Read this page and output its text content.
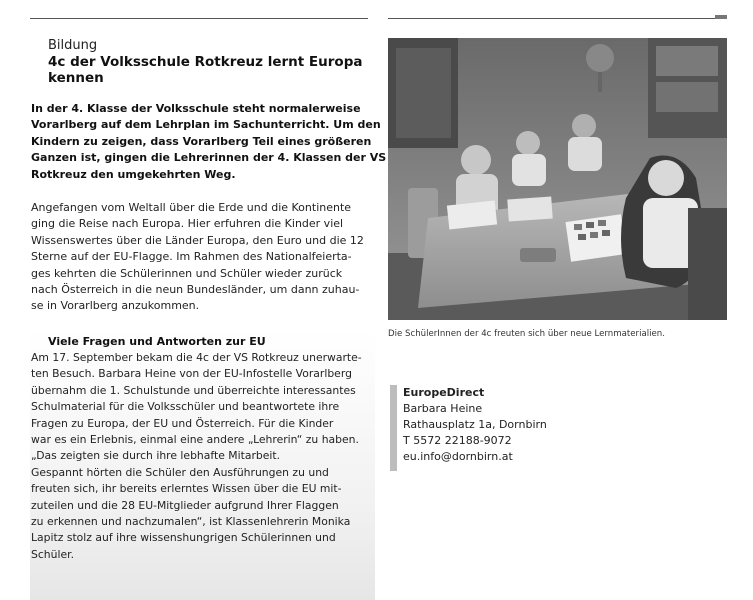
Bildung
4c der Volksschule Rotkreuz lernt Europa
kennen

In der 4. Klasse der Volksschule steht normalerweise
Vorarlberg auf dem Lehrplan im Sachunterricht. Um den
Kindern zu zeigen, dass Vorarlberg Teil eines größeren
Ganzen ist, gingen die Lehrerinnen der 4. Klassen der VS
Rotkreuz den umgekehrten Weg.

Angefangen vom Weltall über die Erde und die Kontinente
ging die Reise nach Europa. Hier erfuhren die Kinder viel
Wissenswertes über die Länder Europa, den Euro und die 12
Sterne auf der EU-Flagge. Im Rahmen des Nationalfeierta-
ges kehrten die Schülerinnen und Schüler wieder zurück
nach Österreich in die neun Bundesländer, um dann zuhau-
se in Vorarlberg anzukommen.

Viele Fragen und Antworten zur EU

Am 17. September bekam die 4c der VS Rotkreuz unerwarte-
ten Besuch. Barbara Heine von der EU-Infostelle Vorarlberg
übernahm die 1. Schulstunde und überreichte interessantes
Schulmaterial für die Volksschüler und beantwortete ihre
Fragen zu Europa, der EU und Österreich. Für die Kinder
war es ein Erlebnis, einmal eine andere „Lehrerin“ zu haben.
„Das zeigten sie durch ihre lebhafte Mitarbeit.
Gespannt hörten die Schüler den Ausführungen zu und
freuten sich, ihr bereits erlerntes Wissen über die EU mit-
zuteilen und die 28 EU-Mitglieder aufgrund Ihrer Flaggen
zu erkennen und nachzumalen“, ist Klassenlehrerin Monika
Lapitz stolz auf ihre wissenshungrigen Schülerinnen und
Schüler.

Die SchülerInnen der 4c freuten sich über neue Lernmaterialien.
EuropeDirect
Barbara Heine
Rathausplatz 1a, Dornbirn
T 5572 22188-9072
eu.info@dornbirn.at
